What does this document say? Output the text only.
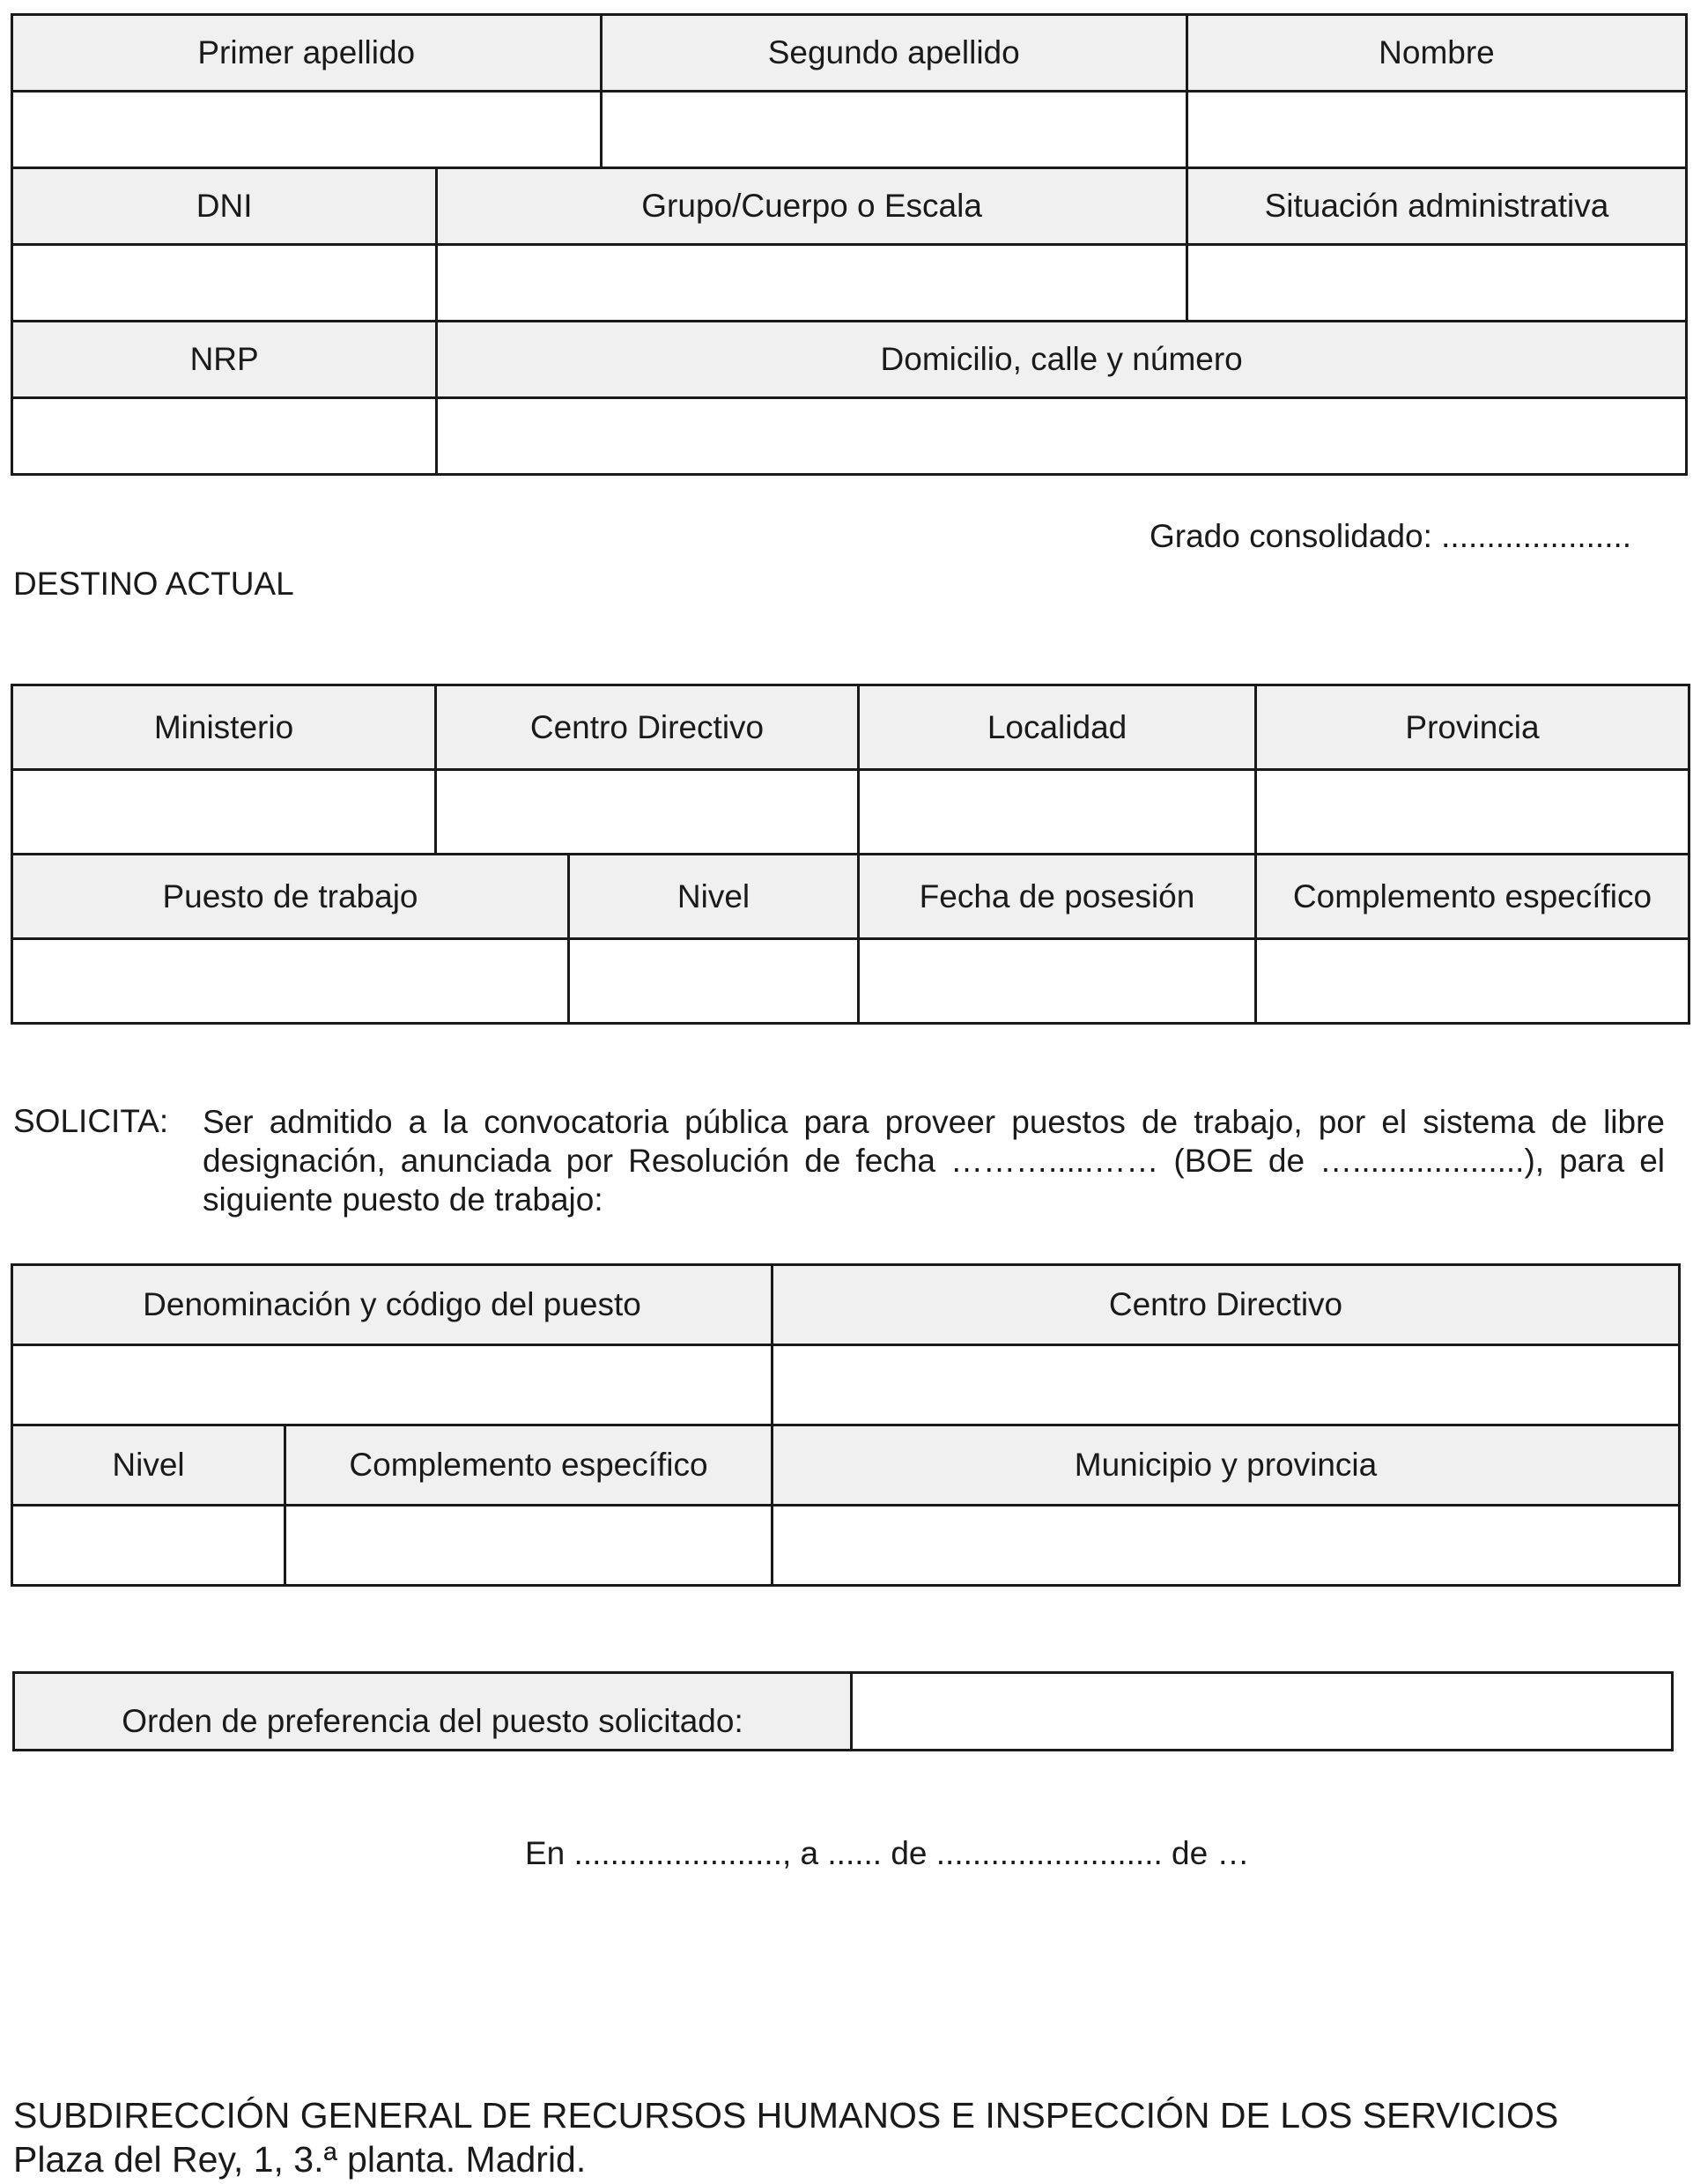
Primer apellido		Segundo apellido	Nombre

DNI	Grupo/Cuerpo o Escala		Situación administrativa

NRP	Domicilio, calle y número		

Grado consolidado: .....................
DESTINO ACTUAL
Ministerio	Centro Directivo		Localidad	Provincia

Puesto de trabajo		Nivel	Fecha de posesión	Complemento específico

SOLICITA: Ser admitido a la convocatoria pública para proveer puestos de trabajo, por el sistema de libre designación, anunciada por Resolución de fecha ……….....…… (BOE de …...................), para el siguiente puesto de trabajo:
Denominación y código del puesto		Centro Directivo

Nivel	Complemento específico	Municipio y provincia

Orden de preferencia del puesto solicitado:	
En ......................., a ...... de ......................... de …
SUBDIRECCIÓN GENERAL DE RECURSOS HUMANOS E INSPECCIÓN DE LOS SERVICIOS
Plaza del Rey, 1, 3.ª planta. Madrid.
